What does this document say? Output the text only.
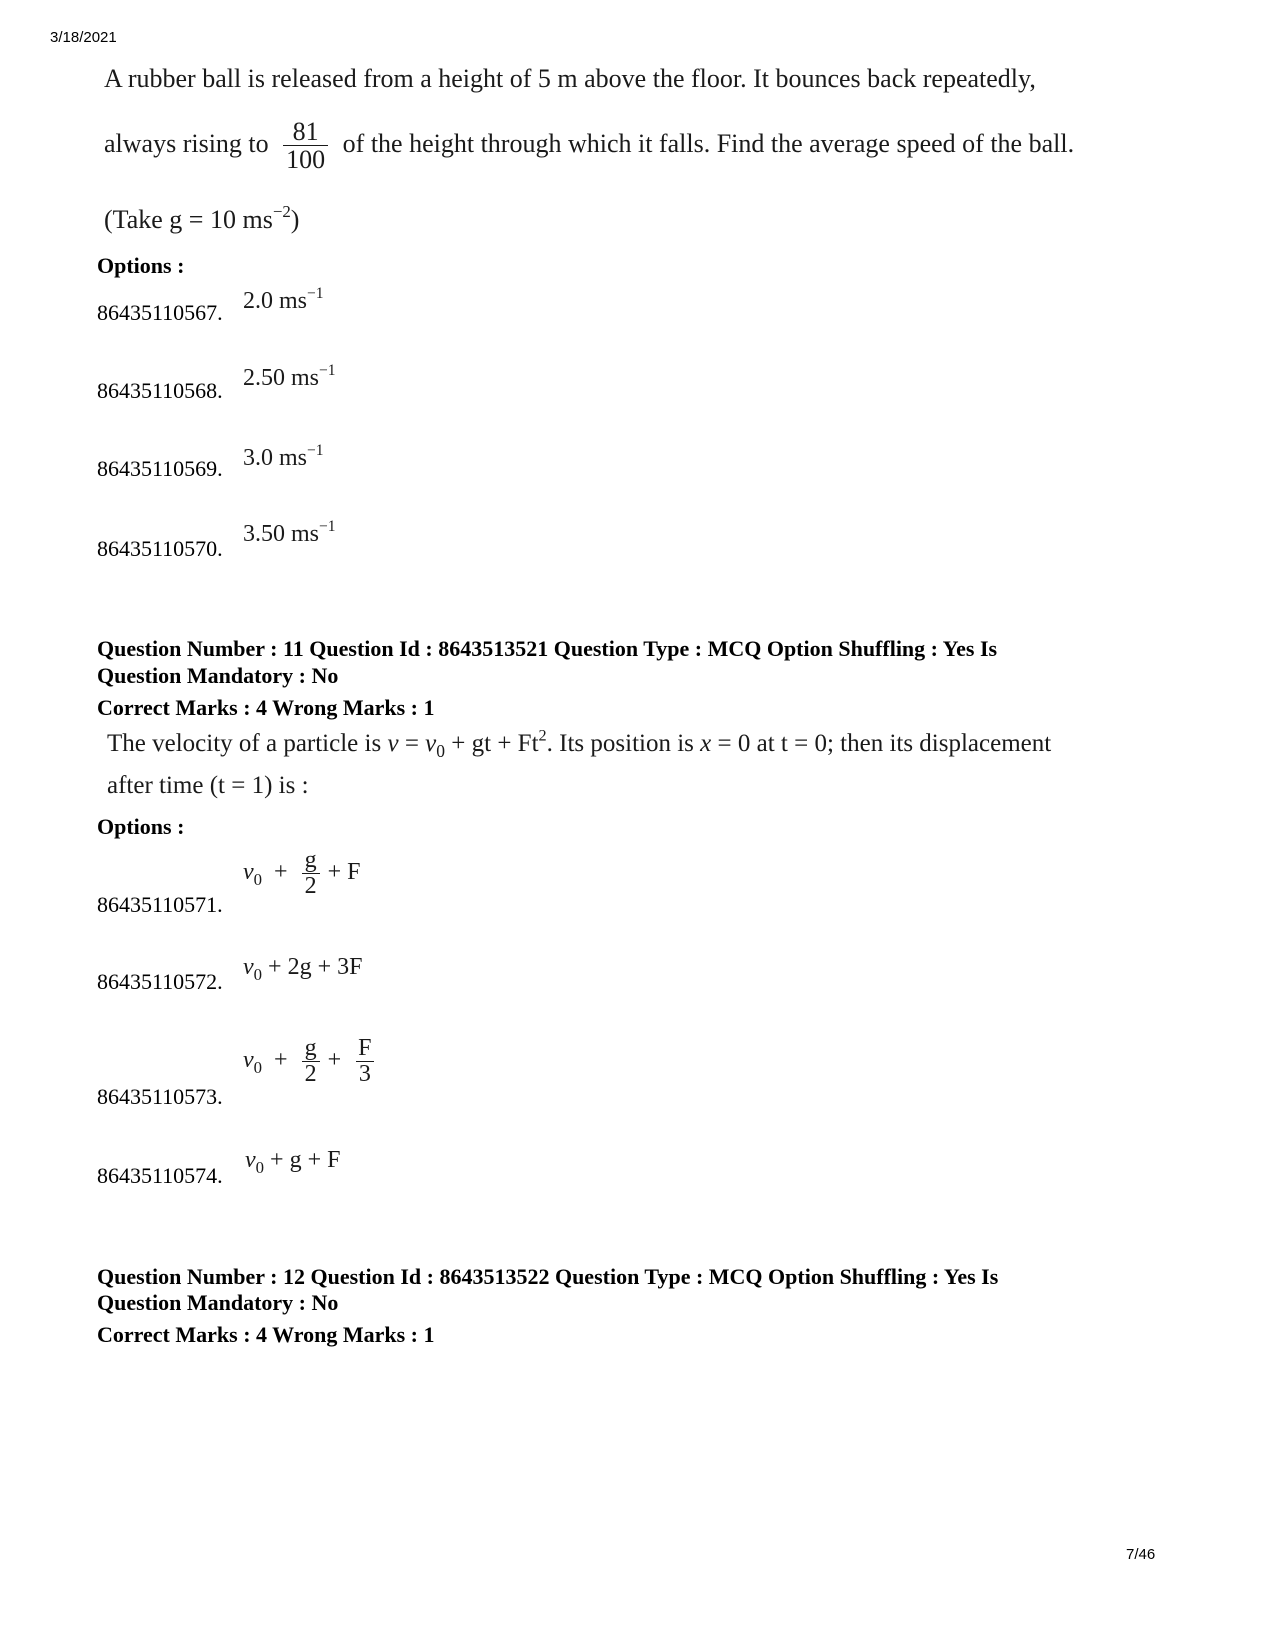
3/18/2021
A rubber ball is released from a height of 5 m above the floor. It bounces back repeatedly,
always rising to $\frac{81}{100}$ of the height through which it falls. Find the average speed of the ball.
(Take g = 10 $ms^{-2}$)
Options :
86435110567. 2.0 $ms^{-1}$
86435110568. 2.50 $ms^{-1}$
86435110569. 3.0 $ms^{-1}$
86435110570.
3.50 $ms^{-1}$
Question Number : 11 Question Id : 8643513521 Question Type : MCQ Option Shuffling : Yes Is
Question Mandatory : No
Correct Marks : 4 Wrong Marks : 1
The velocity of a particle is $v = v_0$ + gt + $Ft^2$. Its position is x = 0 at t = 0; then its displacement
after time (t = 1) is :
Options :
86435110571.
$v_0 + \frac{g}{2} + F$
86435110572.
$v_0 + 2g + 3F$
86435110573.
$v_0 + \frac{g}{2} + \frac{F}{3}$
86435110574.
$v_0 + g + F$
Question Number : 12 Question Id : 8643513522 Question Type : MCQ Option Shuffling : Yes Is
Question Mandatory : No
Correct Marks : 4 Wrong Marks : 1
7/46
